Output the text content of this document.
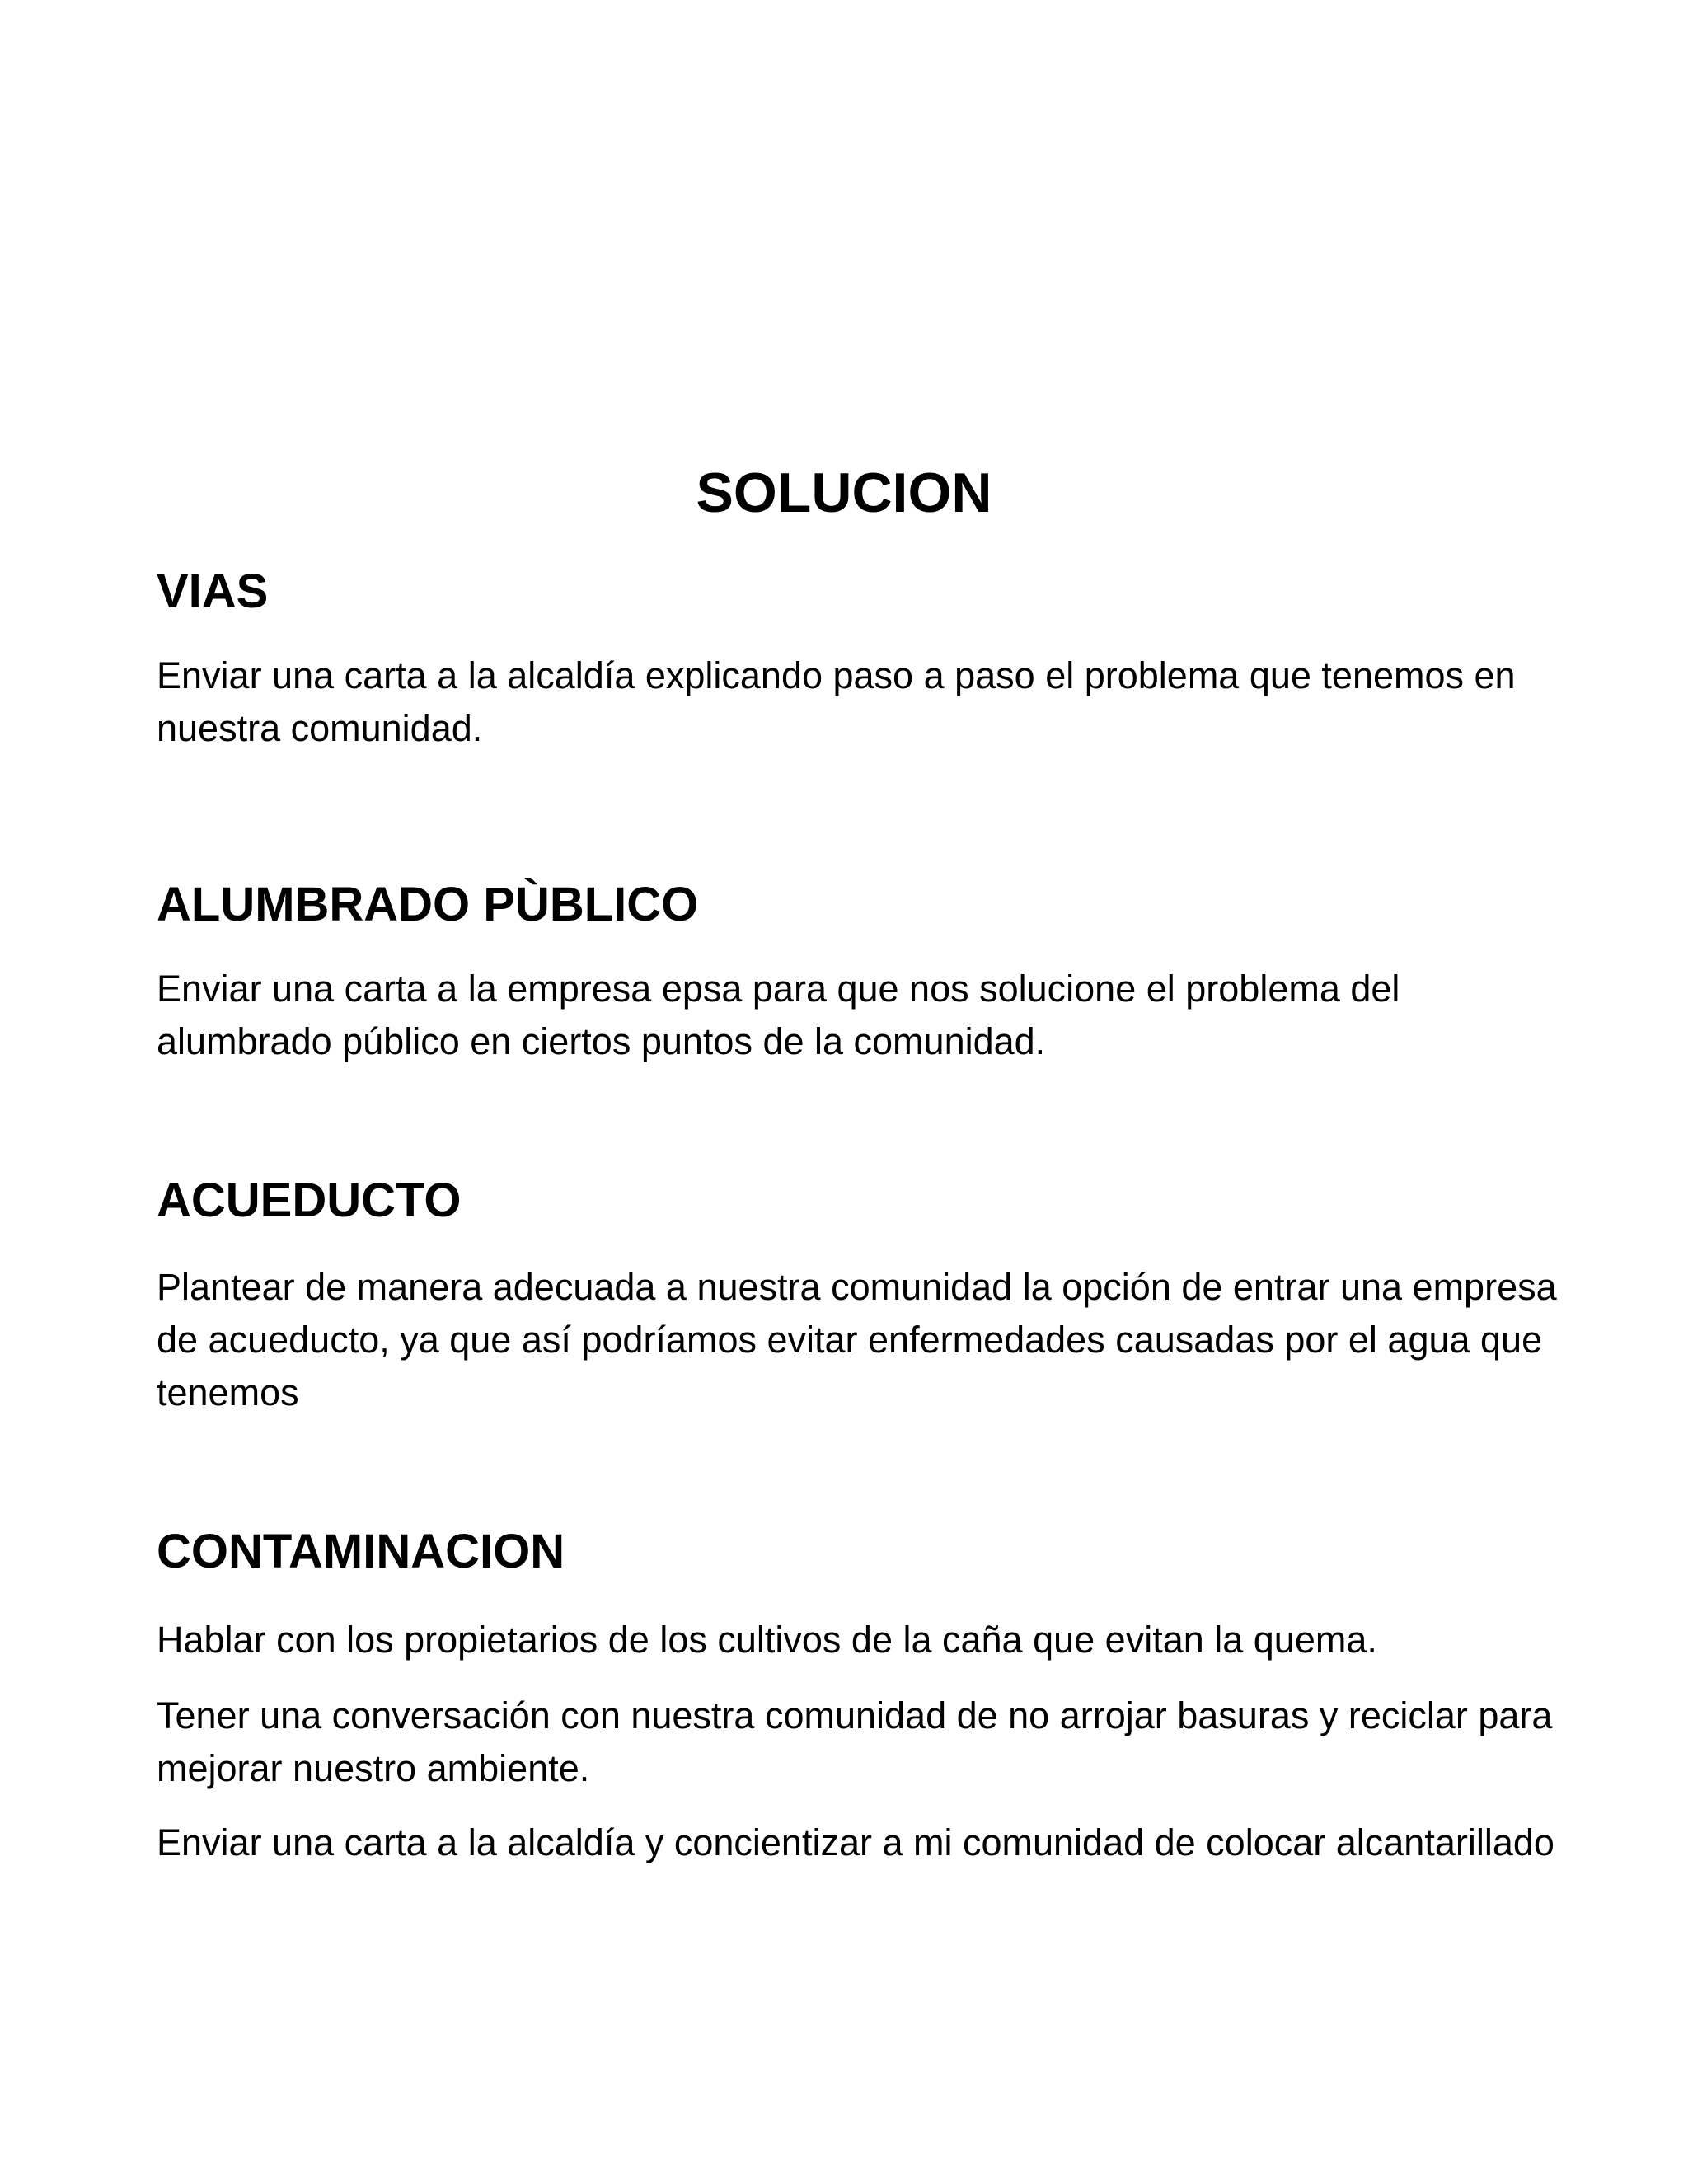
SOLUCION
VIAS

Enviar una carta a la alcaldía explicando paso a paso el problema que tenemos en nuestra comunidad.

ALUMBRADO PÙBLICO

Enviar una carta a la empresa epsa para que nos solucione el problema del alumbrado público en ciertos puntos de la comunidad.

ACUEDUCTO

Plantear de manera adecuada a nuestra comunidad la opción de entrar una empresa de acueducto, ya que así podríamos evitar enfermedades causadas por el agua que tenemos

CONTAMINACION

Hablar con los propietarios de los cultivos de la caña que evitan la quema.

Tener una conversación con nuestra comunidad de no arrojar basuras y reciclar para mejorar nuestro ambiente.

Enviar una carta a la alcaldía y concientizar a mi comunidad de colocar alcantarillado
